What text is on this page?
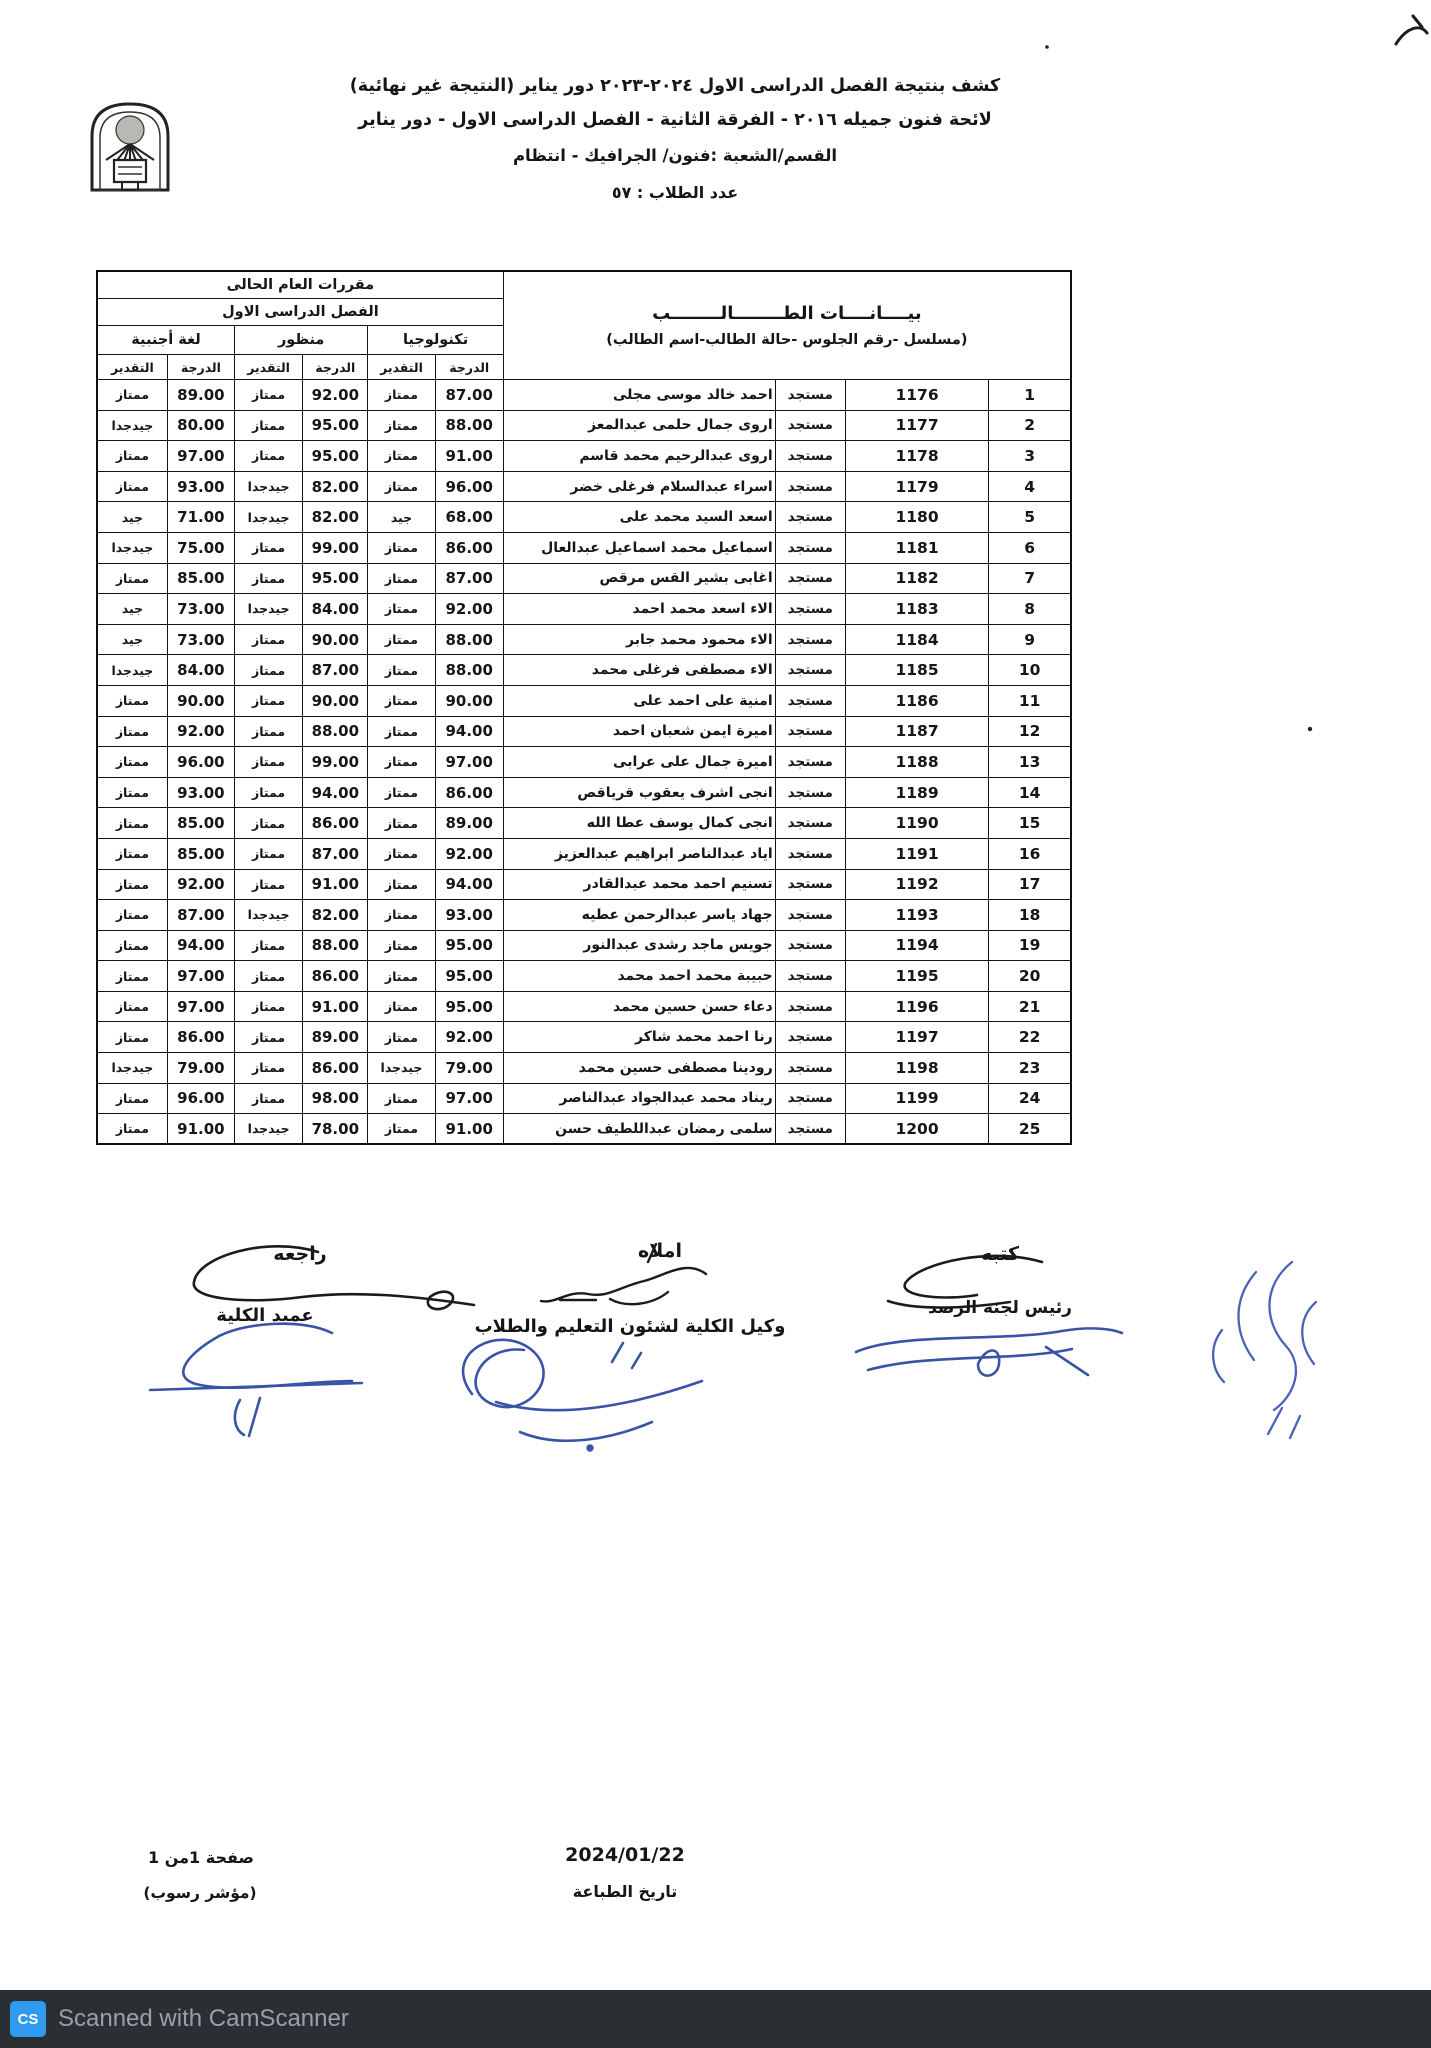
كشف بنتيجة الفصل الدراسى الاول ٢٠٢٤-٢٠٢٣ دور يناير (النتيجة غير نهائية)
لائحة فنون جميله ٢٠١٦ - الفرقة الثانية - الفصل الدراسى الاول - دور يناير
القسم/الشعبة :فنون/ الجرافيك - انتظام
عدد الطلاب : ٥٧
بيــــانــــات الطــــــــالــــــــب
(مسلسل -رقم الجلوس -حالة الطالب-اسم الطالب)				مقررات العام الحالى					
				الفصل الدراسى الاول					
				تكنولوجيا		منظور		لغة أجنبية	
				الدرجة	التقدير	الدرجة	التقدير	الدرجة	التقدير
1	1176	مستجد	احمد خالد موسى مجلى	87.00	ممتاز	92.00	ممتاز	89.00	ممتاز
2	1177	مستجد	اروى جمال حلمى عبدالمعز	88.00	ممتاز	95.00	ممتاز	80.00	جيدجدا
3	1178	مستجد	اروى عبدالرحيم محمد قاسم	91.00	ممتاز	95.00	ممتاز	97.00	ممتاز
4	1179	مستجد	اسراء عبدالسلام فرغلى خضر	96.00	ممتاز	82.00	جيدجدا	93.00	ممتاز
5	1180	مستجد	اسعد السيد محمد على	68.00	جيد	82.00	جيدجدا	71.00	جيد
6	1181	مستجد	اسماعيل محمد اسماعيل عبدالعال	86.00	ممتاز	99.00	ممتاز	75.00	جيدجدا
7	1182	مستجد	اغابى بشير القس مرقص	87.00	ممتاز	95.00	ممتاز	85.00	ممتاز
8	1183	مستجد	الاء اسعد محمد احمد	92.00	ممتاز	84.00	جيدجدا	73.00	جيد
9	1184	مستجد	الاء محمود محمد جابر	88.00	ممتاز	90.00	ممتاز	73.00	جيد
10	1185	مستجد	الاء مصطفى فرغلى محمد	88.00	ممتاز	87.00	ممتاز	84.00	جيدجدا
11	1186	مستجد	امنية على احمد على	90.00	ممتاز	90.00	ممتاز	90.00	ممتاز
12	1187	مستجد	اميرة ايمن شعبان احمد	94.00	ممتاز	88.00	ممتاز	92.00	ممتاز
13	1188	مستجد	اميرة جمال على عرابى	97.00	ممتاز	99.00	ممتاز	96.00	ممتاز
14	1189	مستجد	انجى اشرف يعقوب قرياقص	86.00	ممتاز	94.00	ممتاز	93.00	ممتاز
15	1190	مستجد	انجى كمال يوسف عطا الله	89.00	ممتاز	86.00	ممتاز	85.00	ممتاز
16	1191	مستجد	اياد عبدالناصر ابراهيم عبدالعزيز	92.00	ممتاز	87.00	ممتاز	85.00	ممتاز
17	1192	مستجد	تسنيم احمد محمد عبدالقادر	94.00	ممتاز	91.00	ممتاز	92.00	ممتاز
18	1193	مستجد	جهاد ياسر عبدالرحمن عطيه	93.00	ممتاز	82.00	جيدجدا	87.00	ممتاز
19	1194	مستجد	جويس ماجد رشدى عبدالنور	95.00	ممتاز	88.00	ممتاز	94.00	ممتاز
20	1195	مستجد	حبيبة محمد احمد محمد	95.00	ممتاز	86.00	ممتاز	97.00	ممتاز
21	1196	مستجد	دعاء حسن حسين محمد	95.00	ممتاز	91.00	ممتاز	97.00	ممتاز
22	1197	مستجد	رنا احمد محمد شاكر	92.00	ممتاز	89.00	ممتاز	86.00	ممتاز
23	1198	مستجد	رودينا مصطفى حسين محمد	79.00	جيدجدا	86.00	ممتاز	79.00	جيدجدا
24	1199	مستجد	ريناد محمد عبدالجواد عبدالناصر	97.00	ممتاز	98.00	ممتاز	96.00	ممتاز
25	1200	مستجد	سلمى رمضان عبداللطيف حسن	91.00	ممتاز	78.00	جيدجدا	91.00	ممتاز
كتبه
رئيس لجنة الرصد
املاه
وكيل الكلية لشئون التعليم والطلاب
راجعه
عميد الكلية
صفحة 1من 1
(مؤشر رسوب)
2024/01/22
تاريخ الطباعة
CS Scanned with CamScanner
